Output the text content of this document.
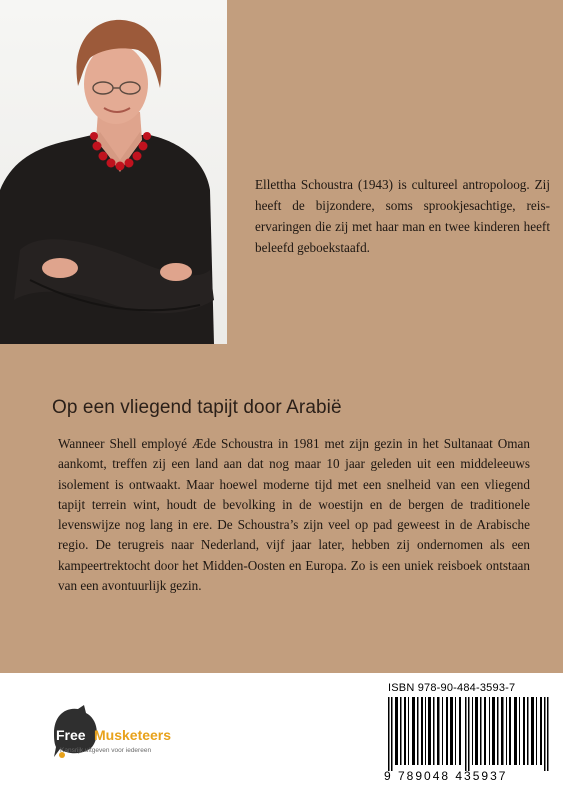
Ellettha Schoustra (1943) is cultureel antropoloog. Zij heeft de bijzondere, soms sprookjesachtige, reiservaringen die zij met haar man en twee kinderen heeft beleefd geboekstaafd.
Op een vliegend tapijt door Arabië
Wanneer Shell employé Æde Schoustra in 1981 met zijn gezin in het Sultanaat Oman aankomt, treffen zij een land aan dat nog maar 10 jaar geleden uit een middeleeuws isolement is ontwaakt. Maar hoewel moderne tijd met een snelheid van een vliegend tapijt terrein wint, houdt de bevolking in de woestijn en de bergen de traditionele levenswijze nog lang in ere. De Schoustra’s zijn veel op pad geweest in de Arabische regio. De terugreis naar Nederland, vijf jaar later, hebben zij ondernomen als een kampeertrektocht door het Midden-Oosten en Europa. Zo is een uniek reisboek ontstaan van een avontuurlijk gezin.
Free Musketeers
Kansrijk uitgeven voor iedereen
ISBN 978-90-484-3593-7
9 789048 435937
